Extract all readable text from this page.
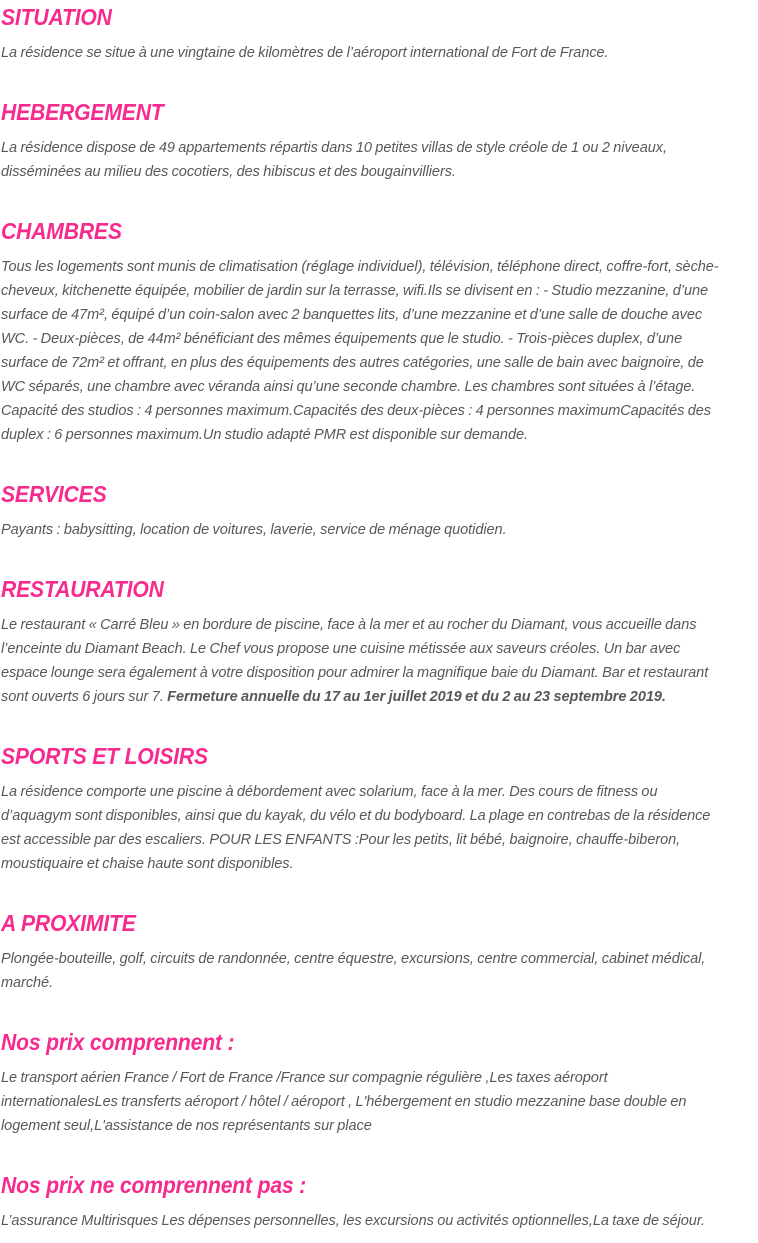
SITUATION

La résidence se situe à une vingtaine de kilomètres de l’aéroport international de Fort de France.

HEBERGEMENT

La résidence dispose de 49 appartements répartis dans 10 petites villas de style créole de 1 ou 2 niveaux, disséminées au milieu des cocotiers, des hibiscus et des bougainvilliers.

CHAMBRES

Tous les logements sont munis de climatisation (réglage individuel), télévision, téléphone direct, coffre-fort, sèche-cheveux, kitchenette équipée, mobilier de jardin sur la terrasse, wifi.Ils se divisent en : - Studio mezzanine, d’une surface de 47m², équipé d’un coin-salon avec 2 banquettes lits, d’une mezzanine et d’une salle de douche avec WC. - Deux-pièces, de 44m² bénéficiant des mêmes équipements que le studio. - Trois-pièces duplex, d’une surface de 72m² et offrant, en plus des équipements des autres catégories, une salle de bain avec baignoire, de WC séparés, une chambre avec véranda ainsi qu’une seconde chambre. Les chambres sont situées à l’étage. Capacité des studios : 4 personnes maximum.Capacités des deux-pièces : 4 personnes maximumCapacités des duplex : 6 personnes maximum.Un studio adapté PMR est disponible sur demande.

SERVICES

Payants : babysitting, location de voitures, laverie, service de ménage quotidien.

RESTAURATION

Le restaurant « Carré Bleu » en bordure de piscine, face à la mer et au rocher du Diamant, vous accueille dans l’enceinte du Diamant Beach. Le Chef vous propose une cuisine métissée aux saveurs créoles. Un bar avec espace lounge sera également à votre disposition pour admirer la magnifique baie du Diamant. Bar et restaurant sont ouverts 6 jours sur 7. Fermeture annuelle du 17 au 1er juillet 2019 et du 2 au 23 septembre 2019.

SPORTS ET LOISIRS

La résidence comporte une piscine à débordement avec solarium, face à la mer. Des cours de fitness ou d’aquagym sont disponibles, ainsi que du kayak, du vélo et du bodyboard. La plage en contrebas de la résidence est accessible par des escaliers. POUR LES ENFANTS :Pour les petits, lit bébé, baignoire, chauffe-biberon, moustiquaire et chaise haute sont disponibles.

A PROXIMITE

Plongée-bouteille, golf, circuits de randonnée, centre équestre, excursions, centre commercial, cabinet médical, marché.

Nos prix comprennent :

Le transport aérien France / Fort de France /France sur compagnie régulière ,Les taxes aéroport internationalesLes transferts aéroport / hôtel / aéroport , L'hébergement en studio mezzanine base double en logement seul,L'assistance de nos représentants sur place

Nos prix ne comprennent pas :

L’assurance Multirisques Les dépenses personnelles, les excursions ou activités optionnelles,La taxe de séjour.
